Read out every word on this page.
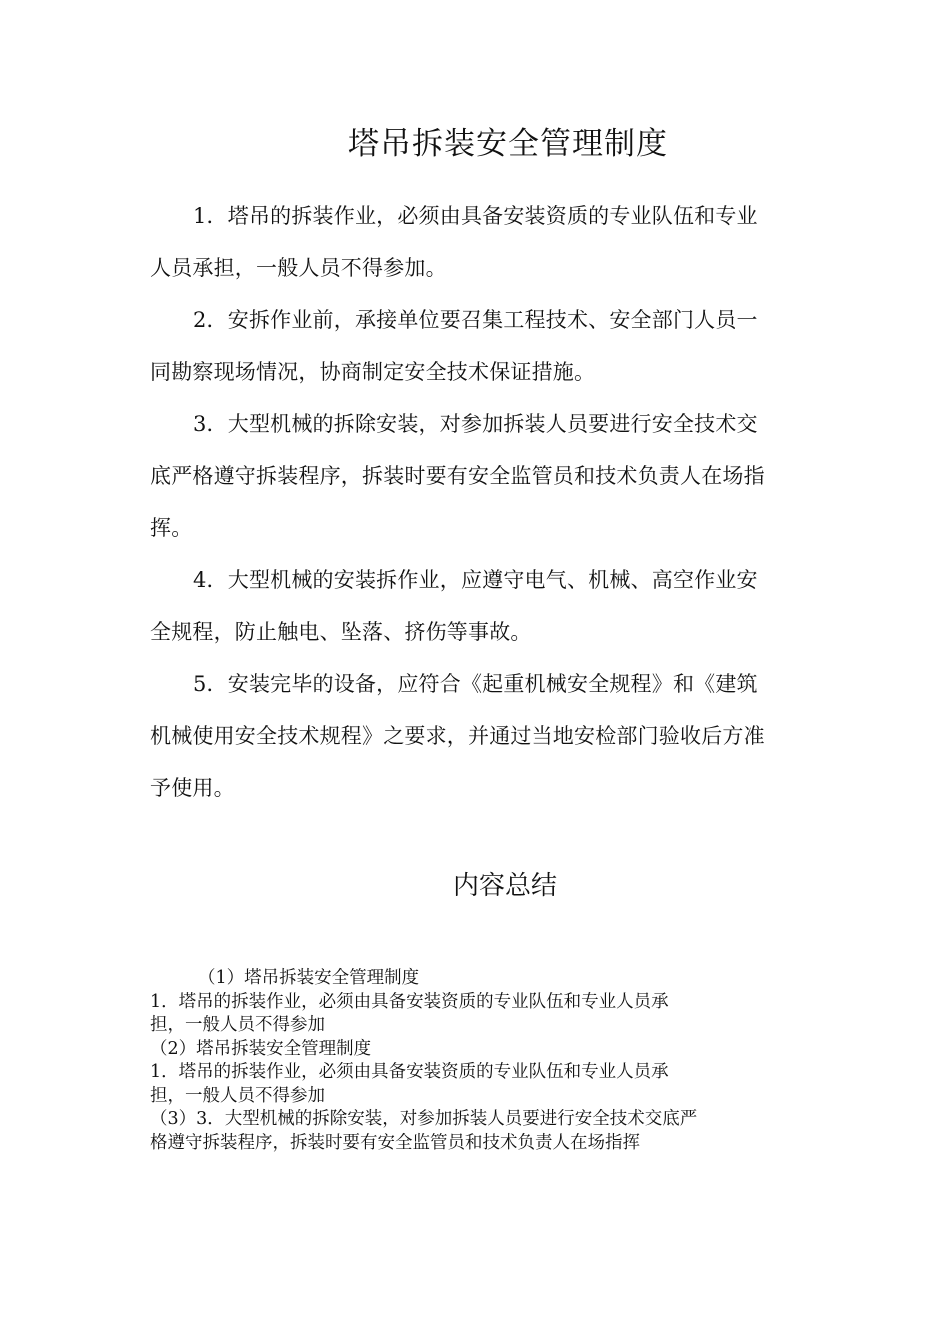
塔吊拆装安全管理制度

1．塔吊的拆装作业，必须由具备安装资质的专业队伍和专业
人员承担，一般人员不得参加。

2．安拆作业前，承接单位要召集工程技术、安全部门人员一
同勘察现场情况，协商制定安全技术保证措施。

3．大型机械的拆除安装，对参加拆装人员要进行安全技术交
底严格遵守拆装程序，拆装时要有安全监管员和技术负责人在场指
挥。

4．大型机械的安装拆作业，应遵守电气、机械、高空作业安
全规程，防止触电、坠落、挤伤等事故。

5．安装完毕的设备，应符合《起重机械安全规程》和《建筑
机械使用安全技术规程》之要求，并通过当地安检部门验收后方准
予使用。

内容总结
（1）塔吊拆装安全管理制度
1．塔吊的拆装作业，必须由具备安装资质的专业队伍和专业人员承
担，一般人员不得参加
（2）塔吊拆装安全管理制度
1．塔吊的拆装作业，必须由具备安装资质的专业队伍和专业人员承
担，一般人员不得参加
（3）3．大型机械的拆除安装，对参加拆装人员要进行安全技术交底严
格遵守拆装程序，拆装时要有安全监管员和技术负责人在场指挥
